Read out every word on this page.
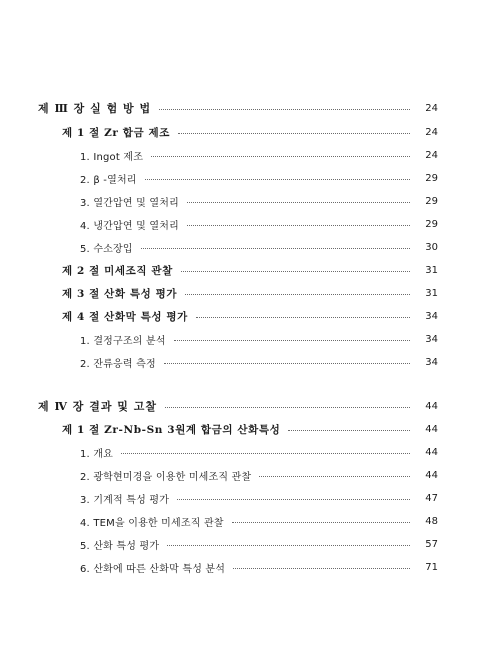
제 Ⅲ 장 실 험 방 법	24
제 1 절 Zr 합금 제조	24
1. Ingot 제조	24
2. β -열처리	29
3. 열간압연 및 열처리	29
4. 냉간압연 및 열처리	29
5. 수소장입	30
제 2 절 미세조직 관찰	31
제 3 절 산화 특성 평가	31
제 4 절 산화막 특성 평가	34
1. 결정구조의 분석	34
2. 잔류응력 측정	34
제 Ⅳ 장 결과 및 고찰	44
제 1 절 Zr-Nb-Sn 3원계 합금의 산화특성	44
1. 개요	44
2. 광학현미경을 이용한 미세조직 관찰	44
3. 기계적 특성 평가	47
4. TEM을 이용한 미세조직 관찰	48
5. 산화 특성 평가	57
6. 산화에 따른 산화막 특성 분석	71
